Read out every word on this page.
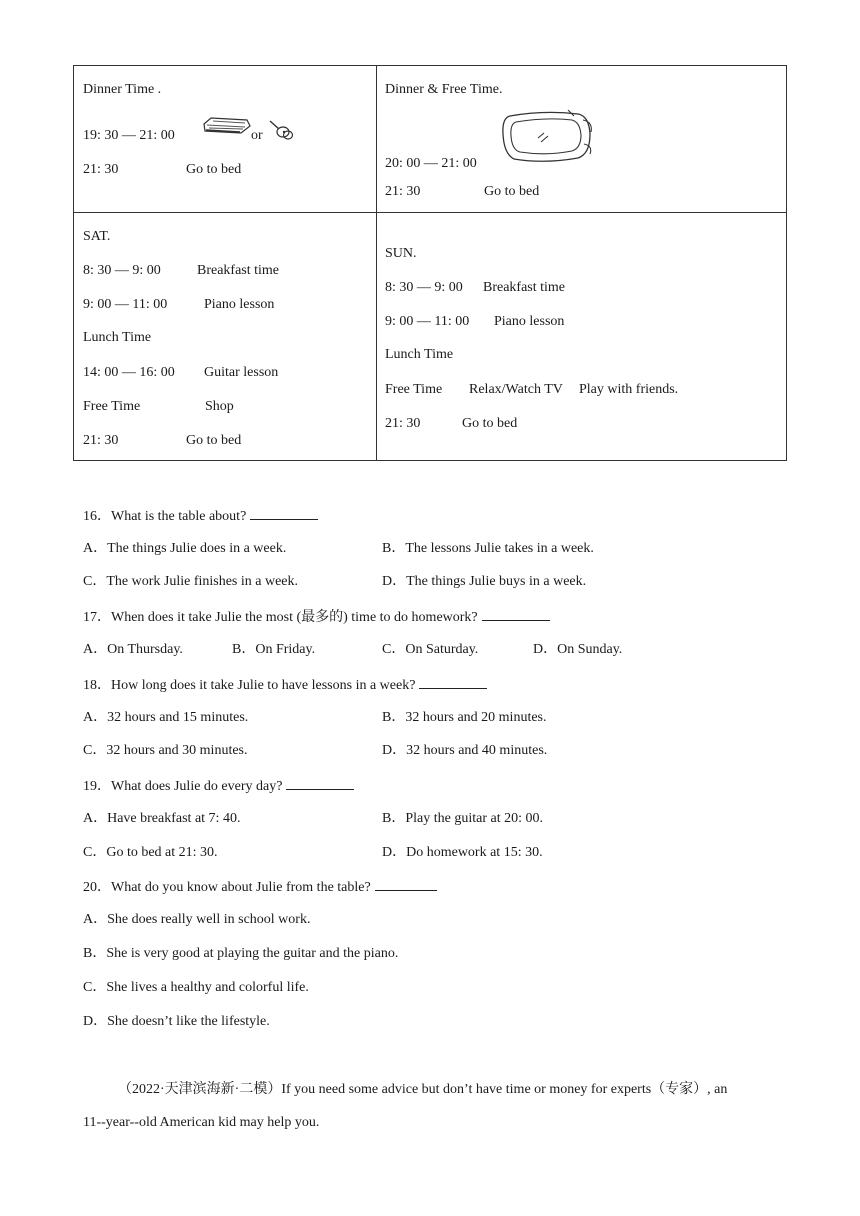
Dinner Time .
19: 30 — 21: 00	or
21: 30	Go to bed
Dinner & Free Time.
20: 00 — 21: 00
21: 30	Go to bed
SAT.
8: 30 — 9: 00	Breakfast time
9: 00 — 11: 00	Piano lesson
Lunch Time
14: 00 — 16: 00 Guitar lesson
Free Time	Shop
21: 30	Go to bed
SUN.
8: 30 — 9: 00 Breakfast time
9: 00 — 11: 00 Piano lesson
Lunch Time
Free Time Relax/Watch TV Play with friends.
21: 30	Go to bed
16．What is the table about?
A．The things Julie does in a week.	B．The lessons Julie takes in a week.
C．The work Julie finishes in a week.	D．The things Julie buys in a week.
17．When does it take Julie the most (最多的) time to do homework?
A．On Thursday.	B．On Friday.	C．On Saturday.	D．On Sunday.
18．How long does it take Julie to have lessons in a week?
A．32 hours and 15 minutes.	B．32 hours and 20 minutes.
C．32 hours and 30 minutes.	D．32 hours and 40 minutes.
19．What does Julie do every day?
A．Have breakfast at 7: 40.	B．Play the guitar at 20: 00.
C．Go to bed at 21: 30.	D．Do homework at 15: 30.
20．What do you know about Julie from the table?
A．She does really well in school work.
B．She is very good at playing the guitar and the piano.
C．She lives a healthy and colorful life.
D．She doesn’t like the lifestyle.
（2022·天津滨海新·二模）If you need some advice but don’t have time or money for experts（专家）, an
11--year--old American kid may help you.
